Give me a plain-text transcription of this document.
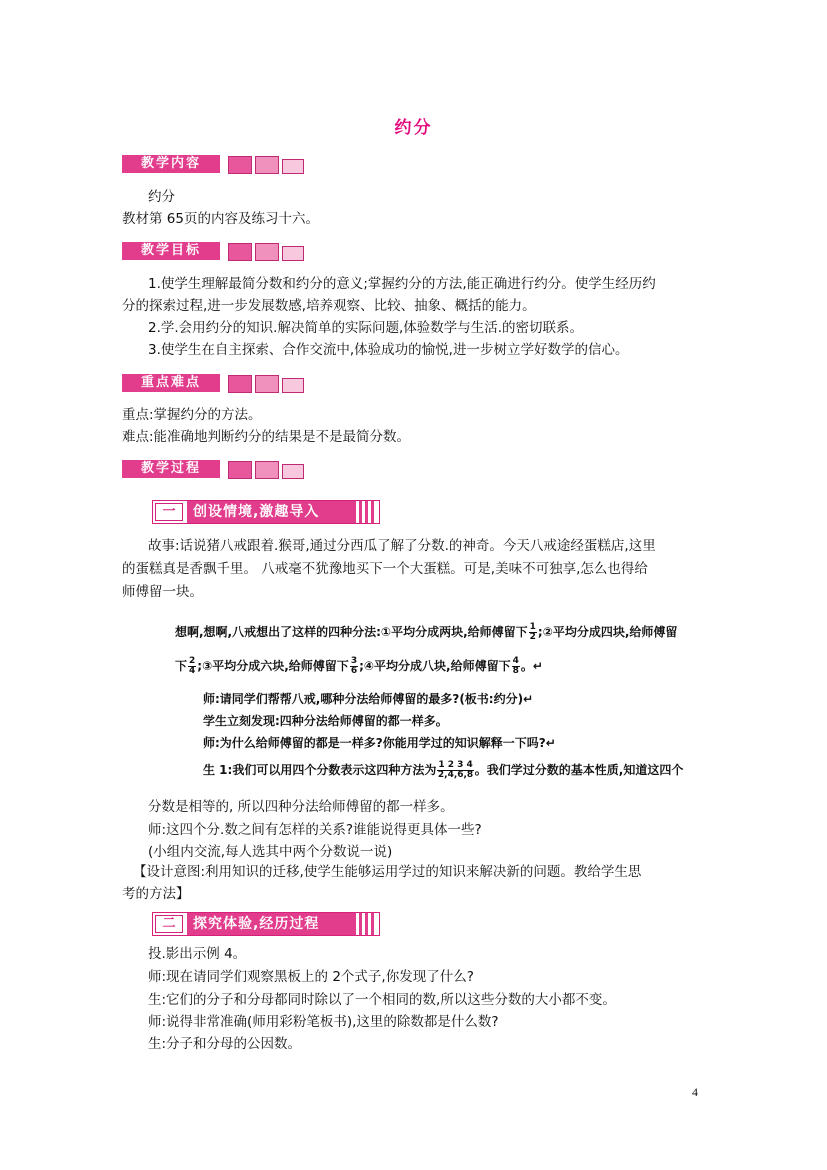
约分
教学内容
约分
教材第 65页的内容及练习十六。
教学目标
1.使学生理解最简分数和约分的意义;掌握约分的方法,能正确进行约分。使学生经历约
分的探索过程,进一步发展数感,培养观察、比较、抽象、概括的能力。
2.学.会用约分的知识.解决简单的实际问题,体验数学与生活.的密切联系。
3.使学生在自主探索、合作交流中,体验成功的愉悦,进一步树立学好数学的信心。
重点难点
重点:掌握约分的方法。
难点:能准确地判断约分的结果是不是最简分数。
教学过程
一	创设情境,激趣导入
故事:话说猪八戒跟着.猴哥,通过分西瓜了解了分数.的神奇。今天八戒途经蛋糕店,这里
的蛋糕真是香飘千里。 八戒毫不犹豫地买下一个大蛋糕。可是,美味不可独享,怎么也得给
师傅留一块。
想啊,想啊,八戒想出了这样的四种分法:①平均分成两块,给师傅留下 $\frac{1}{2}$ ;②平均分成四块,给师傅留
下 $\frac{2}{4}$ ;③平均分成六块,给师傅留下 $\frac{3}{6}$ ;④平均分成八块,给师傅留下 $\frac{4}{8}$ 。↵
师:请同学们帮帮八戒,哪种分法给师傅留的最多?(板书:约分)↵
学生立刻发现:四种分法给师傅留的都一样多。
师:为什么给师傅留的都是一样多?你能用学过的知识解释一下吗?↵
生 1:我们可以用四个分数表示这四种方法为 $\frac{1 2 3 4}{2,4,6,8}$ 。我们学过分数的基本性质,知道这四个
分数是相等的, 所以四种分法给师傅留的都一样多。
师:这四个分.数之间有怎样的关系?谁能说得更具体一些?
(小组内交流,每人选其中两个分数说一说)
【设计意图:利用知识的迁移,使学生能够运用学过的知识来解决新的问题。教给学生思
考的方法】
二	探究体验,经历过程
投.影出示例 4。
师:现在请同学们观察黑板上的 2个式子,你发现了什么?
生:它们的分子和分母都同时除以了一个相同的数,所以这些分数的大小都不变。
师:说得非常准确(师用彩粉笔板书),这里的除数都是什么数?
生:分子和分母的公因数。
4
